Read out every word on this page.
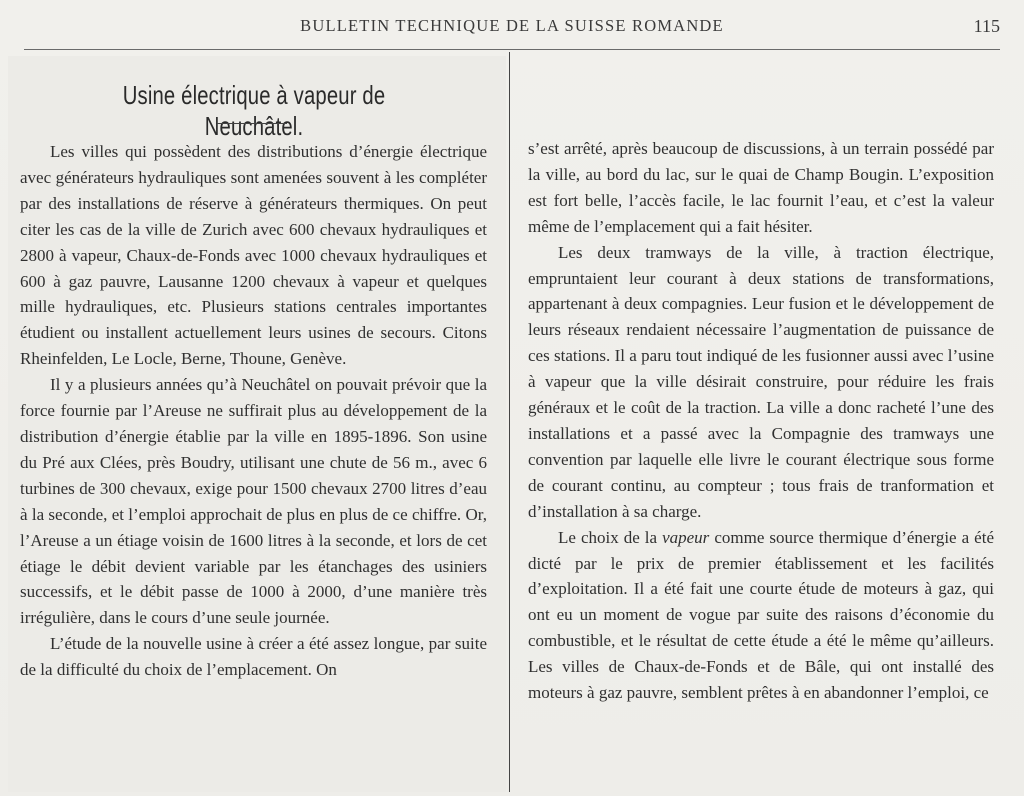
BULLETIN TECHNIQUE DE LA SUISSE ROMANDE	115
Usine électrique à vapeur de Neuchâtel.

Les villes qui possèdent des distributions d’énergie électrique avec générateurs hydrauliques sont amenées souvent à les compléter par des installations de réserve à générateurs thermiques. On peut citer les cas de la ville de Zurich avec 600 chevaux hydrauliques et 2800 à vapeur, Chaux-de-Fonds avec 1000 chevaux hydrauliques et 600 à gaz pauvre, Lausanne 1200 chevaux à vapeur et quelques mille hydrauliques, etc. Plusieurs stations centrales importantes étudient ou installent actuellement leurs usines de secours. Citons Rheinfelden, Le Locle, Berne, Thoune, Genève.

Il y a plusieurs années qu’à Neuchâtel on pouvait prévoir que la force fournie par l’Areuse ne suffirait plus au développement de la distribution d’énergie établie par la ville en 1895-1896. Son usine du Pré aux Clées, près Boudry, utilisant une chute de 56 m., avec 6 turbines de 300 chevaux, exige pour 1500 chevaux 2700 litres d’eau à la seconde, et l’emploi approchait de plus en plus de ce chiffre. Or, l’Areuse a un étiage voisin de 1600 litres à la seconde, et lors de cet étiage le débit devient variable par les étanchages des usiniers successifs, et le débit passe de 1000 à 2000, d’une manière très irrégulière, dans le cours d’une seule journée.

L’étude de la nouvelle usine à créer a été assez longue, par suite de la difficulté du choix de l’emplacement. On

s’est arrêté, après beaucoup de discussions, à un terrain possédé par la ville, au bord du lac, sur le quai de Champ Bougin. L’exposition est fort belle, l’accès facile, le lac fournit l’eau, et c’est la valeur même de l’emplacement qui a fait hésiter.

Les deux tramways de la ville, à traction électrique, empruntaient leur courant à deux stations de transformations, appartenant à deux compagnies. Leur fusion et le développement de leurs réseaux rendaient nécessaire l’augmentation de puissance de ces stations. Il a paru tout indiqué de les fusionner aussi avec l’usine à vapeur que la ville désirait construire, pour réduire les frais généraux et le coût de la traction. La ville a donc racheté l’une des installations et a passé avec la Compagnie des tramways une convention par laquelle elle livre le courant électrique sous forme de courant continu, au compteur ; tous frais de tranformation et d’installation à sa charge.

Le choix de la vapeur comme source thermique d’énergie a été dicté par le prix de premier établissement et les facilités d’exploitation. Il a été fait une courte étude de moteurs à gaz, qui ont eu un moment de vogue par suite des raisons d’économie du combustible, et le résultat de cette étude a été le même qu’ailleurs. Les villes de Chaux-de-Fonds et de Bâle, qui ont installé des moteurs à gaz pauvre, semblent prêtes à en abandonner l’emploi, ce
